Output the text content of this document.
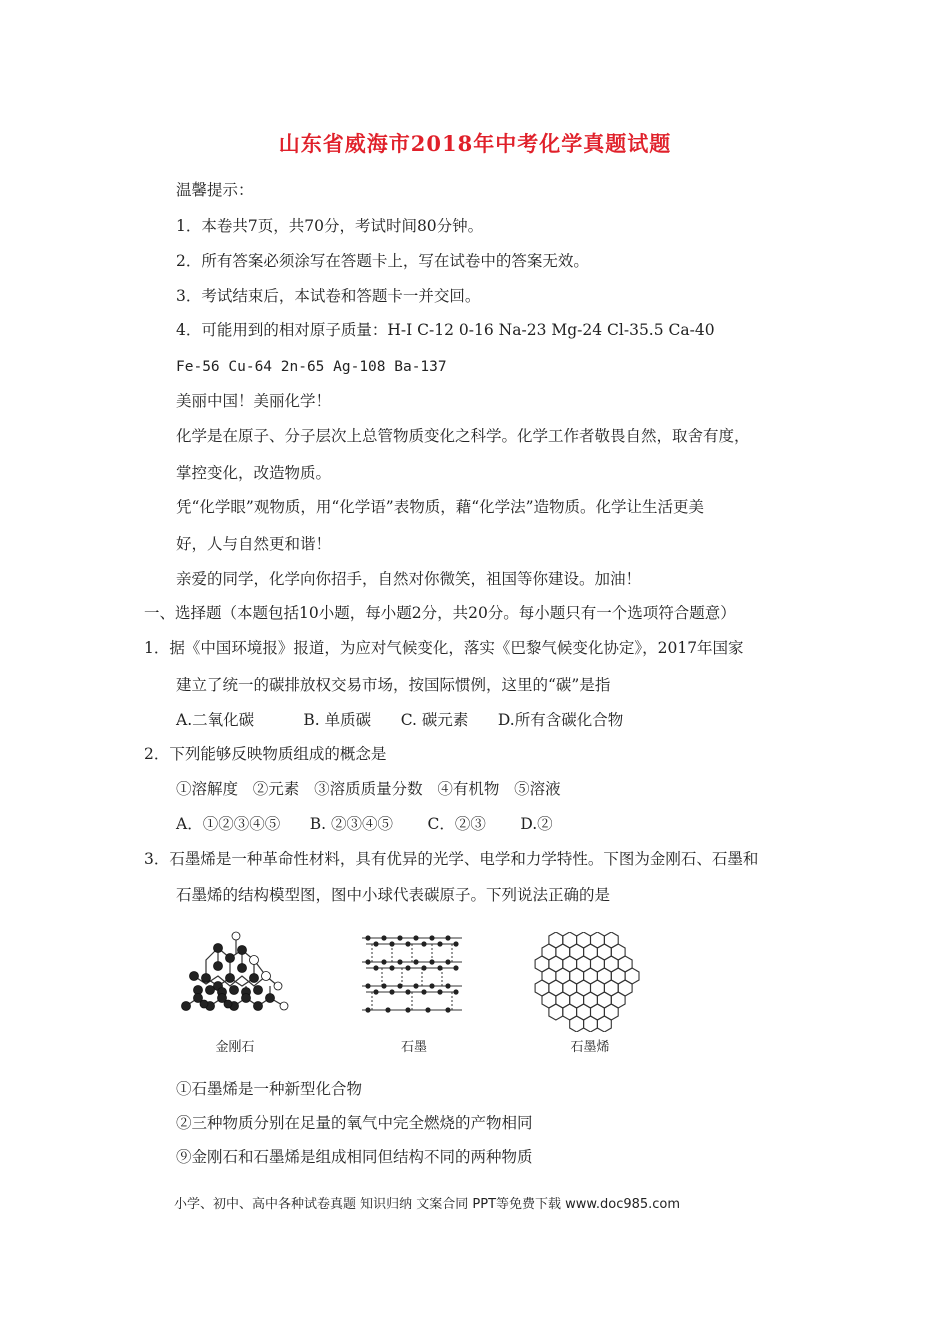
山东省威海市2018年中考化学真题试题
温馨提示：
1．本卷共7页，共70分，考试时间80分钟。
2．所有答案必须涂写在答题卡上，写在试卷中的答案无效。
3．考试结束后，本试卷和答题卡一并交回。
4．可能用到的相对原子质量：H-I C-12 0-16 Na-23 Mg-24 Cl-35.5 Ca-40
Fe-56 Cu-64 2n-65 Ag-108 Ba-137
美丽中国！美丽化学！
化学是在原子、分子层次上总管物质变化之科学。化学工作者敬畏自然，取舍有度，
掌控变化，改造物质。
凭“化学眼”观物质，用“化学语”表物质，藉“化学法”造物质。化学让生活更美
好，人与自然更和谐！
亲爱的同学，化学向你招手，自然对你微笑，祖国等你建设。加油！
一、选择题（本题包括10小题，每小题2分，共20分。每小题只有一个选项符合题意）
1．据《中国环境报》报道，为应对气候变化，落实《巴黎气候变化协定》，2017年国家
建立了统一的碳排放权交易市场，按国际惯例，这里的“碳”是指
A.二氧化碳          B. 单质碳      C. 碳元素      D.所有含碳化合物
2．下列能够反映物质组成的概念是
①溶解度   ②元素   ③溶质质量分数   ④有机物   ⑤溶液
A．①②③④⑤      B. ②③④⑤       C．②③       D.②
3．石墨烯是一种革命性材料，具有优异的光学、电学和力学特性。下图为金刚石、石墨和
石墨烯的结构模型图，图中小球代表碳原子。下列说法正确的是
金刚石	石墨	石墨烯
①石墨烯是一种新型化合物
②三种物质分别在足量的氧气中完全燃烧的产物相同
⑨金刚石和石墨烯是组成相同但结构不同的两种物质
小学、初中、高中各种试卷真题 知识归纳 文案合同 PPT等免费下载 www.doc985.com
